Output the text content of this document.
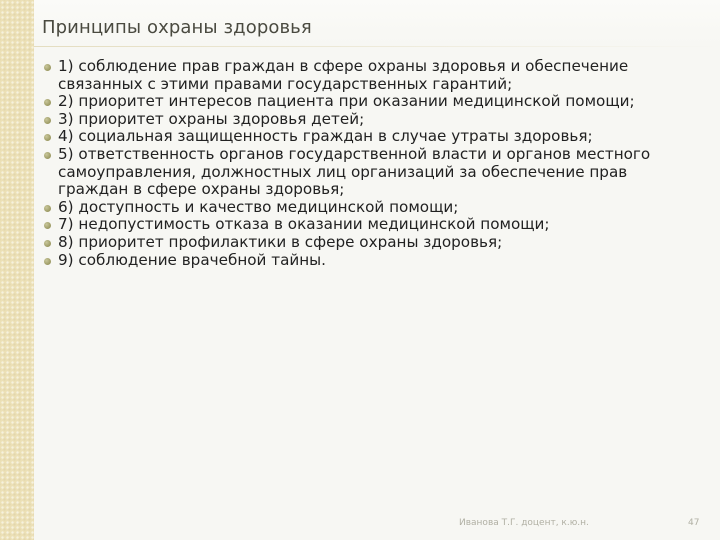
Принципы охраны здоровья
1) соблюдение прав граждан в сфере охраны здоровья и обеспечение связанных с этими правами государственных гарантий;
2) приоритет интересов пациента при оказании медицинской помощи;
3) приоритет охраны здоровья детей;
4) социальная защищенность граждан в случае утраты здоровья;
5) ответственность органов государственной власти и органов местного самоуправления, должностных лиц организаций за обеспечение прав граждан в сфере охраны здоровья;
6) доступность и качество медицинской помощи;
7) недопустимость отказа в оказании медицинской помощи;
8) приоритет профилактики в сфере охраны здоровья;
9) соблюдение врачебной тайны.
Иванова Т.Г. доцент, к.ю.н.	47
